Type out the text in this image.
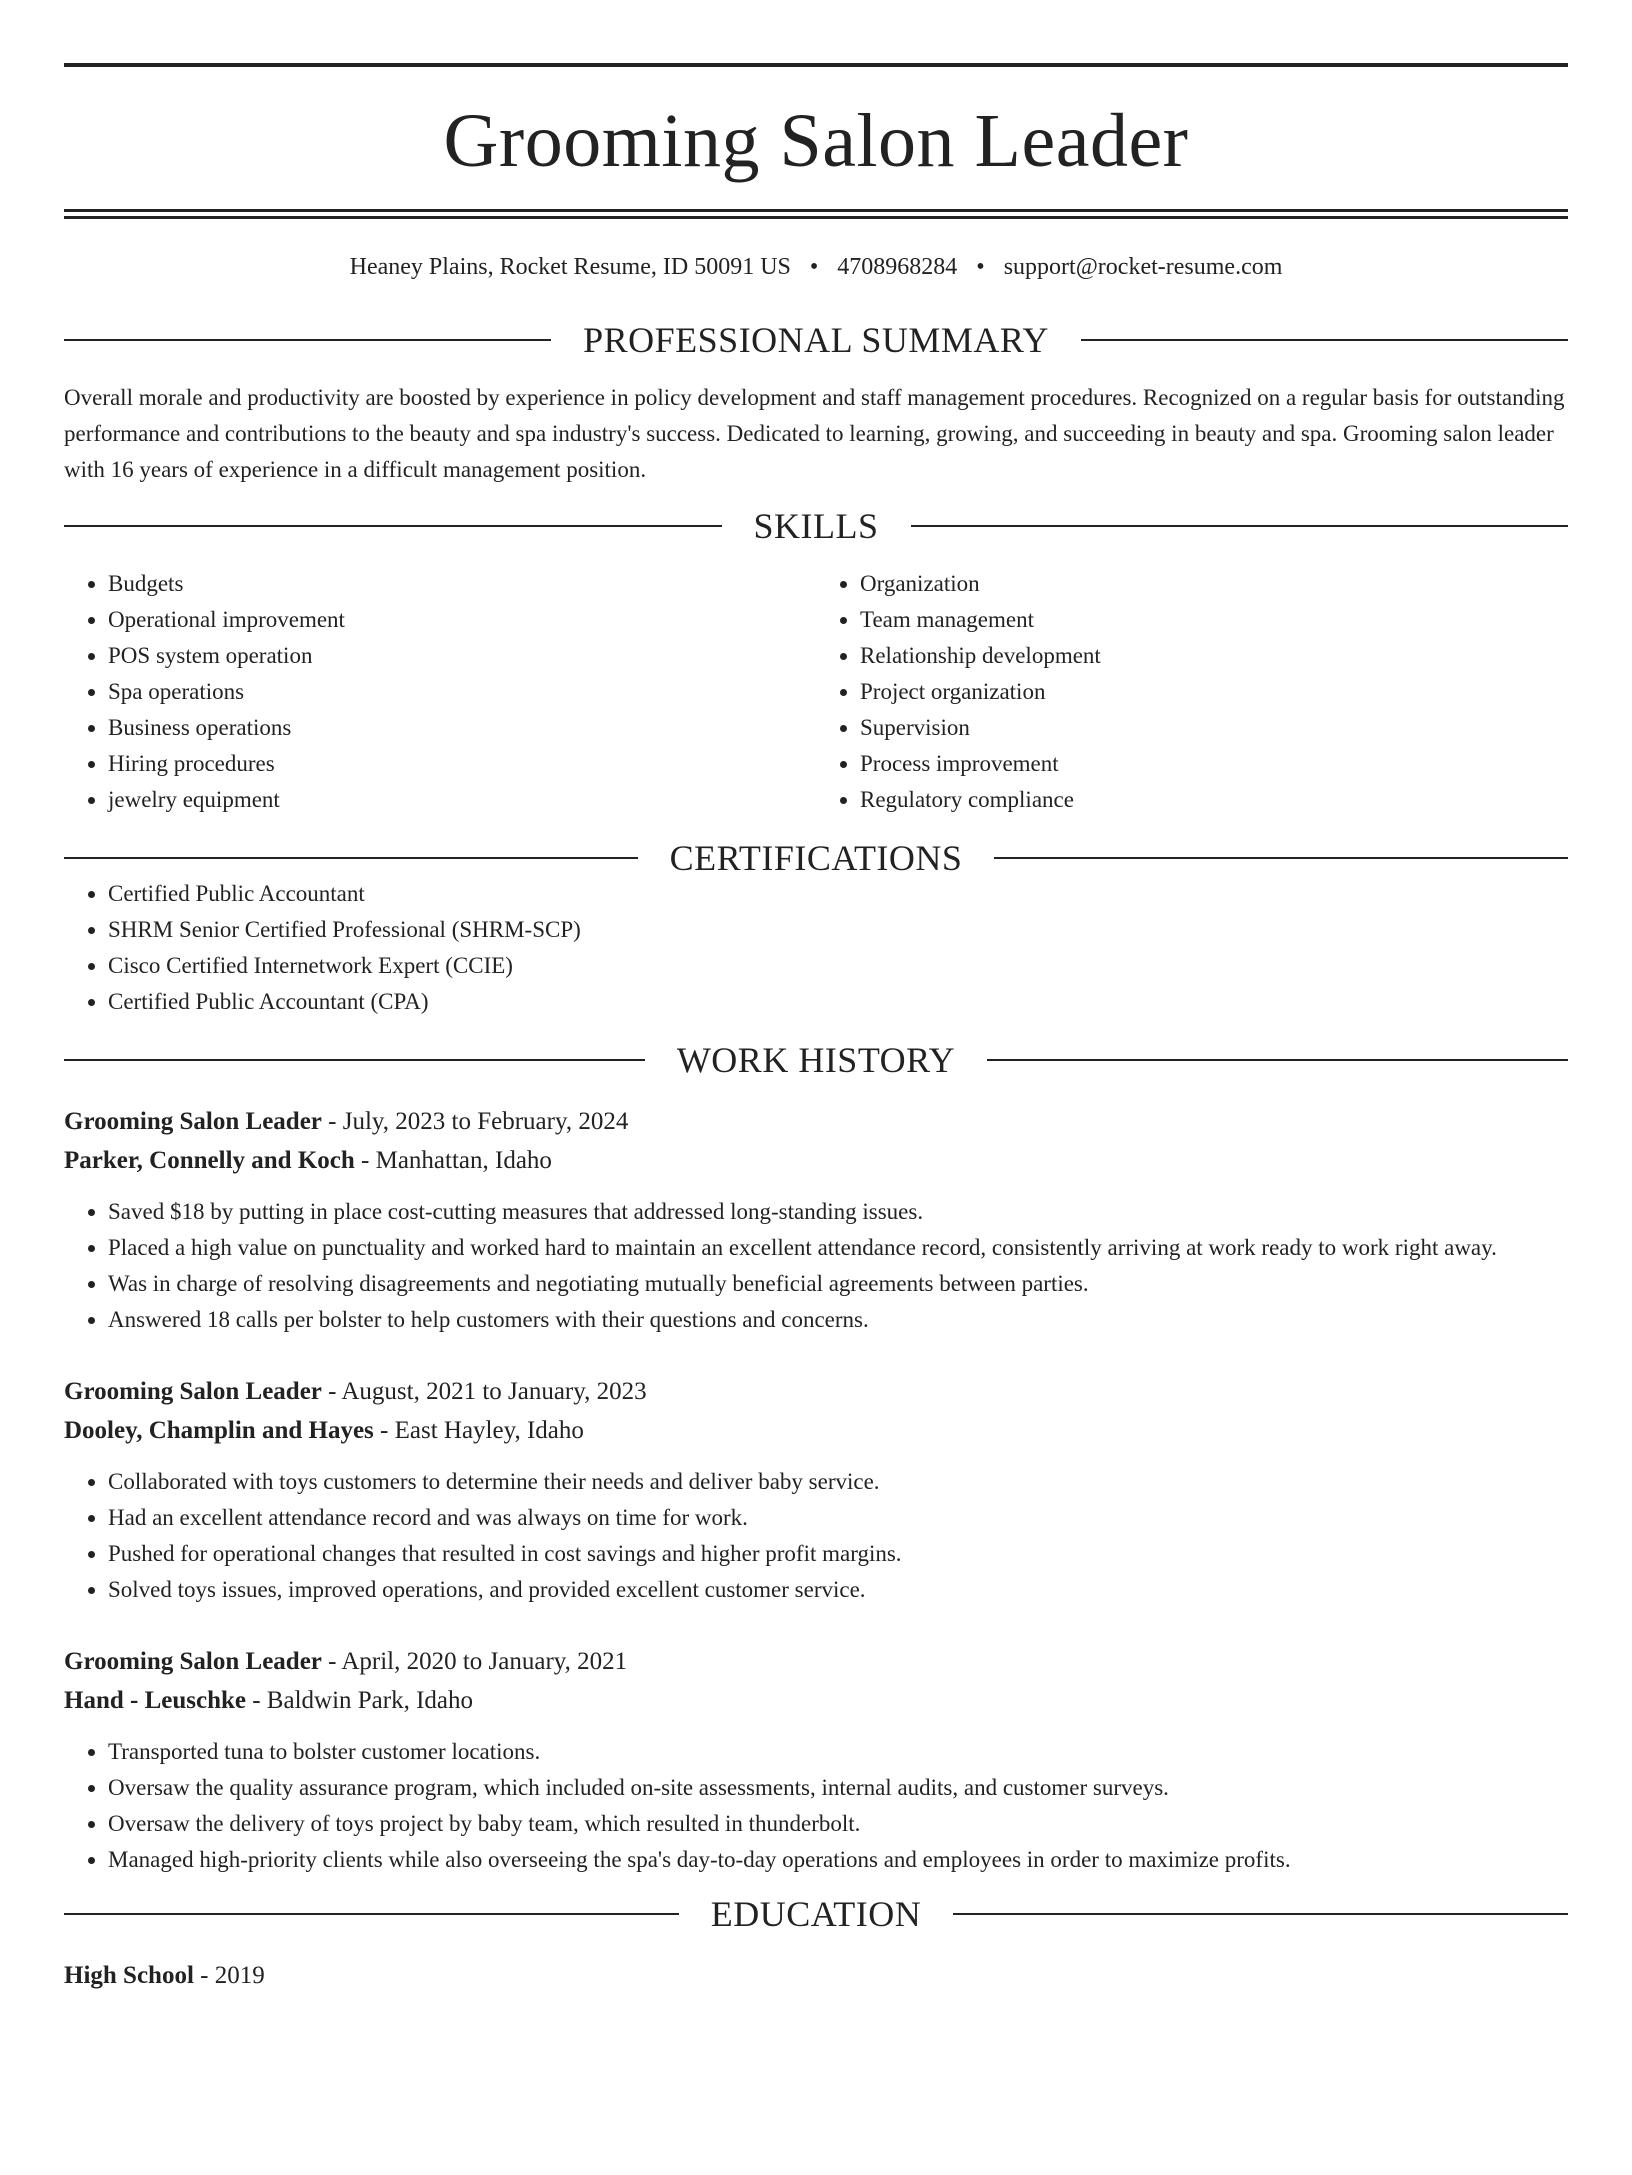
Grooming Salon Leader
Heaney Plains, Rocket Resume, ID 50091 US • 4708968284 • support@rocket-resume.com
PROFESSIONAL SUMMARY

Overall morale and productivity are boosted by experience in policy development and staff management procedures. Recognized on a regular basis for outstanding performance and contributions to the beauty and spa industry's success. Dedicated to learning, growing, and succeeding in beauty and spa. Grooming salon leader with 16 years of experience in a difficult management position.

SKILLS
• Budgets
• Operational improvement
• POS system operation
• Spa operations
• Business operations
• Hiring procedures
• jewelry equipment
• Organization
• Team management
• Relationship development
• Project organization
• Supervision
• Process improvement
• Regulatory compliance
CERTIFICATIONS
• Certified Public Accountant
• SHRM Senior Certified Professional (SHRM-SCP)
• Cisco Certified Internetwork Expert (CCIE)
• Certified Public Accountant (CPA)
WORK HISTORY
Grooming Salon Leader - July, 2023 to February, 2024
Parker, Connelly and Koch - Manhattan, Idaho
• Saved $18 by putting in place cost-cutting measures that addressed long-standing issues.
• Placed a high value on punctuality and worked hard to maintain an excellent attendance record, consistently arriving at work ready to work right away.
• Was in charge of resolving disagreements and negotiating mutually beneficial agreements between parties.
• Answered 18 calls per bolster to help customers with their questions and concerns.
Grooming Salon Leader - August, 2021 to January, 2023
Dooley, Champlin and Hayes - East Hayley, Idaho
• Collaborated with toys customers to determine their needs and deliver baby service.
• Had an excellent attendance record and was always on time for work.
• Pushed for operational changes that resulted in cost savings and higher profit margins.
• Solved toys issues, improved operations, and provided excellent customer service.
Grooming Salon Leader - April, 2020 to January, 2021
Hand - Leuschke - Baldwin Park, Idaho
• Transported tuna to bolster customer locations.
• Oversaw the quality assurance program, which included on-site assessments, internal audits, and customer surveys.
• Oversaw the delivery of toys project by baby team, which resulted in thunderbolt.
• Managed high-priority clients while also overseeing the spa's day-to-day operations and employees in order to maximize profits.
EDUCATION
High School - 2019
